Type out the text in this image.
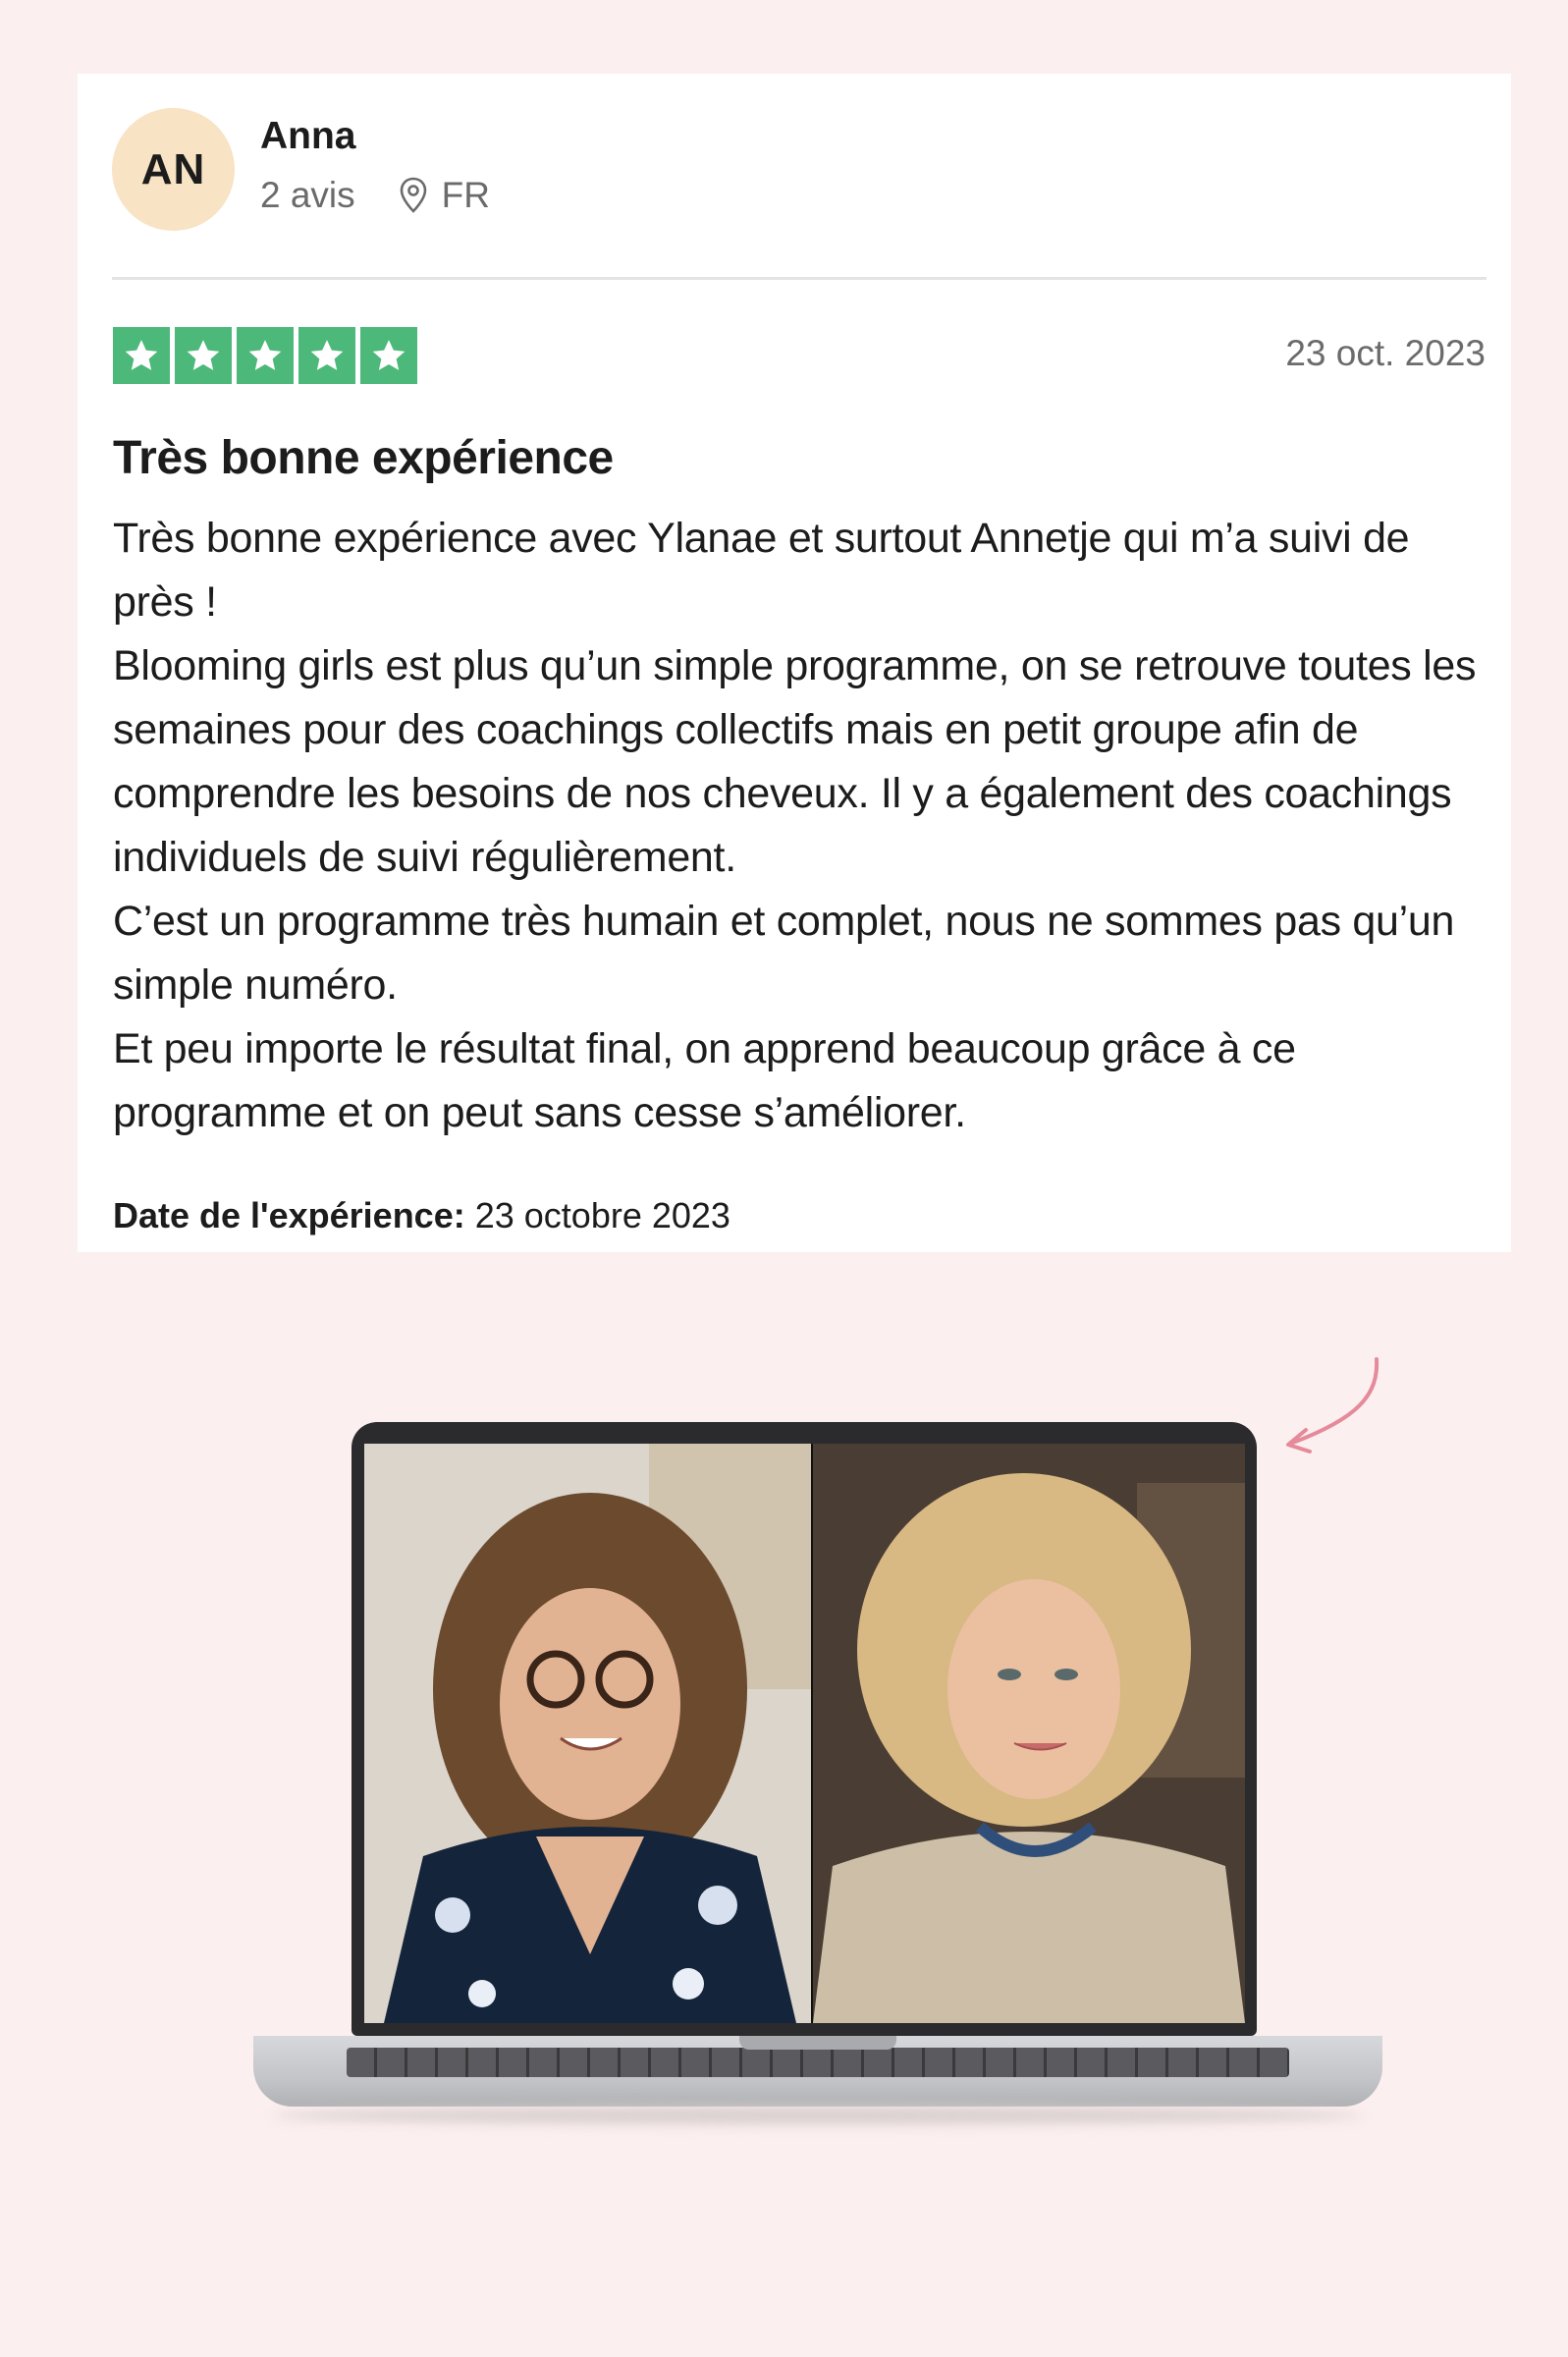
AN
Anna
2 avis FR
23 oct. 2023
Très bonne expérience

Très bonne expérience avec Ylanae et surtout Annetje qui m’a suivi de près !

Blooming girls est plus qu’un simple programme, on se retrouve toutes les semaines pour des coachings collectifs mais en petit groupe afin de comprendre les besoins de nos cheveux. Il y a également des coachings individuels de suivi régulièrement.

C’est un programme très humain et complet, nous ne sommes pas qu’un simple numéro.

Et peu importe le résultat final, on apprend beaucoup grâce à ce programme et on peut sans cesse s’améliorer.

Date de l'expérience: 23 octobre 2023
